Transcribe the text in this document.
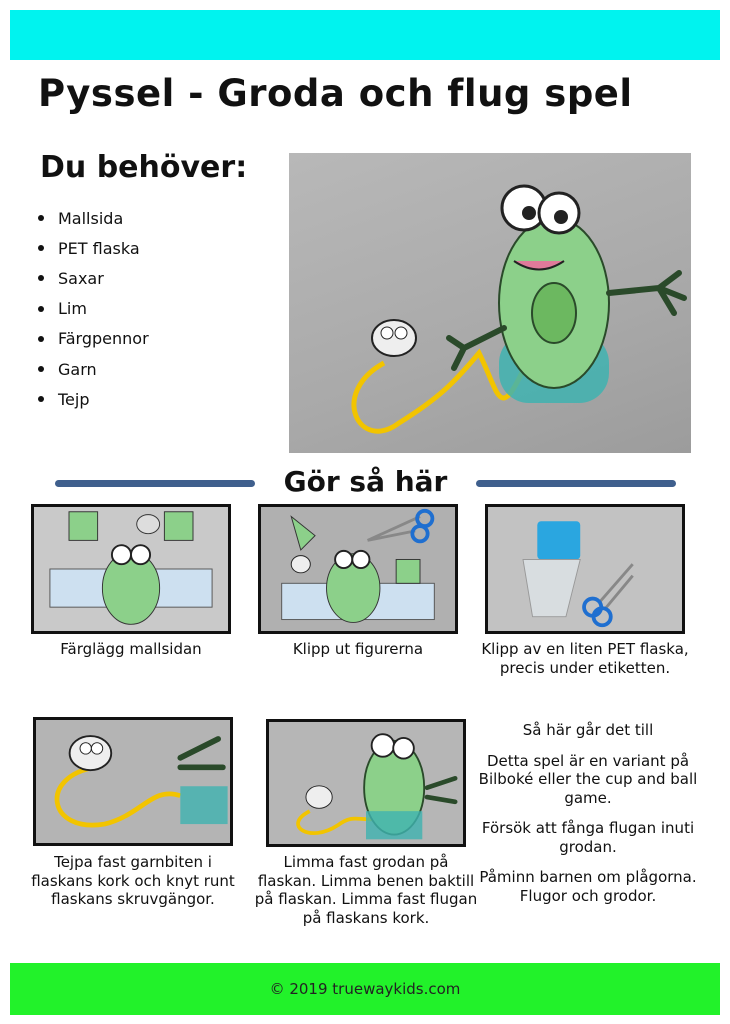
Pyssel - Groda och flug spel
Du behöver:
Mallsida
PET flaska
Saxar
Lim
Färgpennor
Garn
Tejp
Gör så här

Färglägg mallsidan	Klipp ut figurerna	Klipp av en liten PET flaska, precis under etiketten.

Tejpa fast garnbiten i flaskans kork och knyt runt flaskans skruvgängor.

Limma fast grodan på flaskan. Limma benen baktill på flaskan. Limma fast flugan på flaskans kork.

Så här går det till

Detta spel är en variant på Bilboké eller the cup and ball game.

Försök att fånga flugan inuti grodan.

Påminn barnen om plågorna. Flugor och grodor.

© 2019 truewaykids.com
